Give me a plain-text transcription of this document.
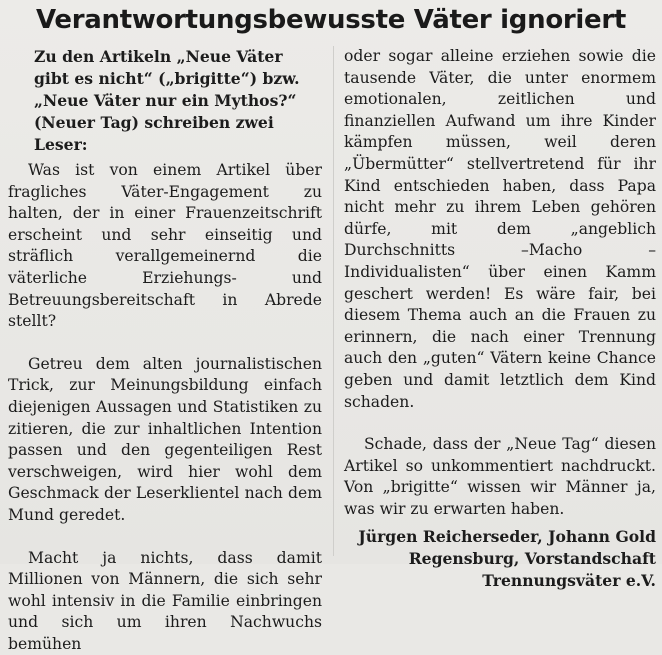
Verantwortungsbewusste Väter ignoriert

Zu den Artikeln „Neue Väter gibt es nicht“ („brigitte“) bzw. „Neue Väter nur ein Mythos?“ (Neuer Tag) schreiben zwei Leser:

Was ist von einem Artikel über fragliches Väter-Engagement zu halten, der in einer Frauenzeitschrift erscheint und sehr einseitig und sträflich verallgemeinernd die väterliche Erziehungs- und Betreuungsbereitschaft in Abrede stellt?

Getreu dem alten journalistischen Trick, zur Meinungsbildung einfach diejenigen Aussagen und Statistiken zu zitieren, die zur inhaltlichen Intention passen und den gegenteiligen Rest verschweigen, wird hier wohl dem Geschmack der Leserklientel nach dem Mund geredet.

Macht ja nichts, dass damit Millionen von Männern, die sich sehr wohl intensiv in die Familie einbringen und sich um ihren Nachwuchs bemühen

oder sogar alleine erziehen sowie die tausende Väter, die unter enormem emotionalen, zeitlichen und finanziellen Aufwand um ihre Kinder kämpfen müssen, weil deren „Übermütter“ stellvertretend für ihr Kind entschieden haben, dass Papa nicht mehr zu ihrem Leben gehören dürfe, mit dem „angeblich Durchschnitts –Macho –Individualisten“ über einen Kamm geschert werden! Es wäre fair, bei diesem Thema auch an die Frauen zu erinnern, die nach einer Trennung auch den „guten“ Vätern keine Chance geben und damit letztlich dem Kind schaden.

Schade, dass der „Neue Tag“ diesen Artikel so unkommentiert nachdruckt. Von „brigitte“ wissen wir Männer ja, was wir zu erwarten haben.

Jürgen Reicherseder, Johann Gold
Regensburg, Vorstandschaft
Trennungsväter e.V.
